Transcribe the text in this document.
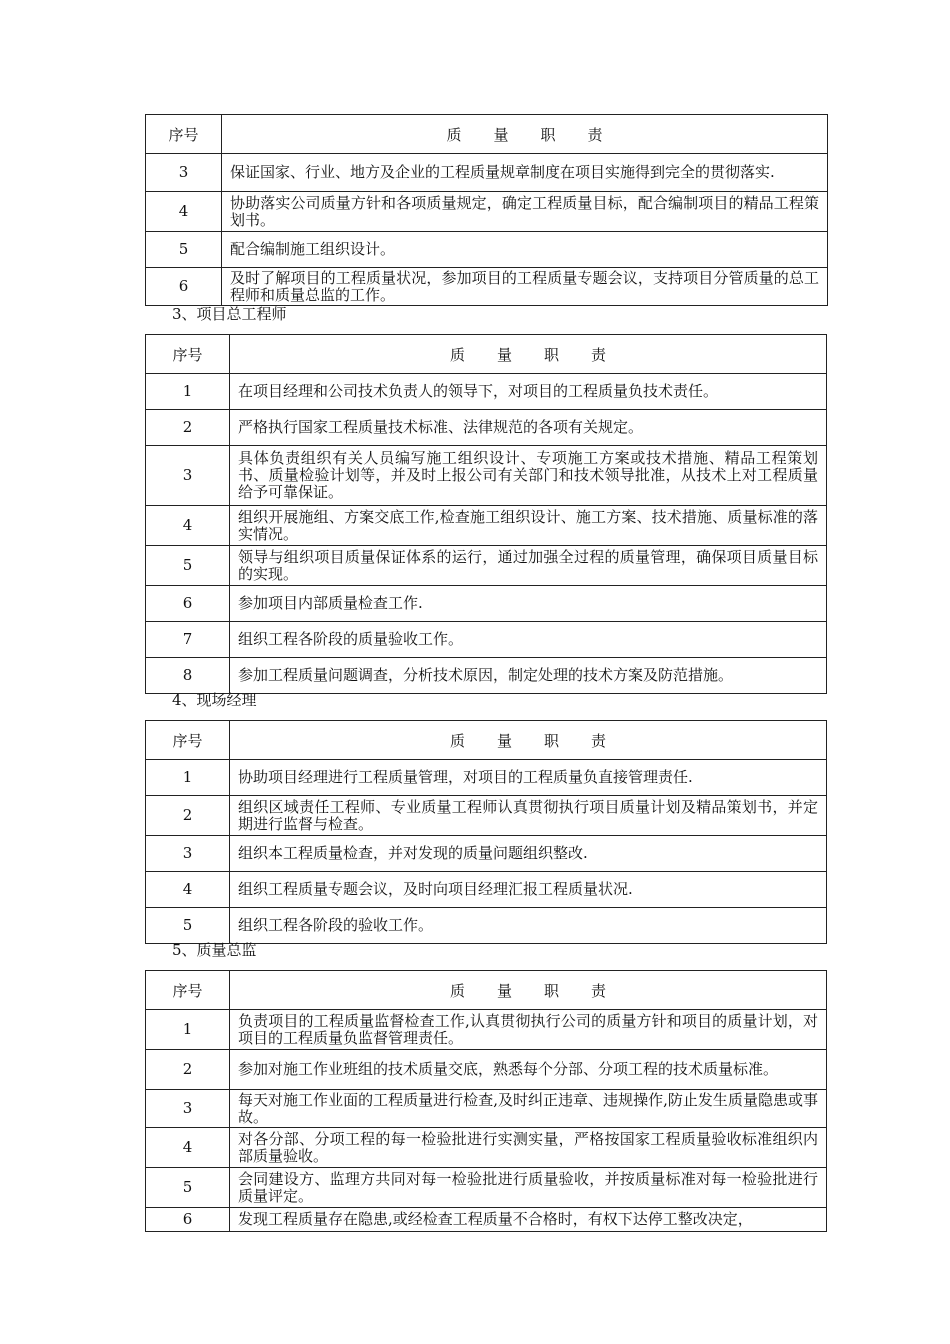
序号	质 量 职 责
3	保证国家、行业、地方及企业的工程质量规章制度在项目实施得到完全的贯彻落实.
4	协助落实公司质量方针和各项质量规定，确定工程质量目标，配合编制项目的精品工程策划书。
5	配合编制施工组织设计。
6	及时了解项目的工程质量状况，参加项目的工程质量专题会议，支持项目分管质量的总工程师和质量总监的工作。
3、项目总工程师
序号	质 量 职 责
1	在项目经理和公司技术负责人的领导下，对项目的工程质量负技术责任。
2	严格执行国家工程质量技术标准、法律规范的各项有关规定。
3	具体负责组织有关人员编写施工组织设计、专项施工方案或技术措施、精品工程策划书、质量检验计划等，并及时上报公司有关部门和技术领导批准，从技术上对工程质量给予可靠保证。
4	组织开展施组、方案交底工作,检查施工组织设计、施工方案、技术措施、质量标准的落实情况。
5	领导与组织项目质量保证体系的运行，通过加强全过程的质量管理，确保项目质量目标的实现。
6	参加项目内部质量检查工作.
7	组织工程各阶段的质量验收工作。
8	参加工程质量问题调查，分析技术原因，制定处理的技术方案及防范措施。
4、现场经理
序号	质 量 职 责
1	协助项目经理进行工程质量管理，对项目的工程质量负直接管理责任.
2	组织区域责任工程师、专业质量工程师认真贯彻执行项目质量计划及精品策划书，并定期进行监督与检查。
3	组织本工程质量检查，并对发现的质量问题组织整改.
4	组织工程质量专题会议，及时向项目经理汇报工程质量状况.
5	组织工程各阶段的验收工作。
5、质量总监
序号	质 量 职 责
1	负责项目的工程质量监督检查工作,认真贯彻执行公司的质量方针和项目的质量计划，对项目的工程质量负监督管理责任。
2	参加对施工作业班组的技术质量交底，熟悉每个分部、分项工程的技术质量标准。
3	每天对施工作业面的工程质量进行检查,及时纠正违章、违规操作,防止发生质量隐患或事故。
4	对各分部、分项工程的每一检验批进行实测实量，严格按国家工程质量验收标准组织内部质量验收。
5	会同建设方、监理方共同对每一检验批进行质量验收，并按质量标准对每一检验批进行质量评定。
6	发现工程质量存在隐患,或经检查工程质量不合格时，有权下达停工整改决定，
